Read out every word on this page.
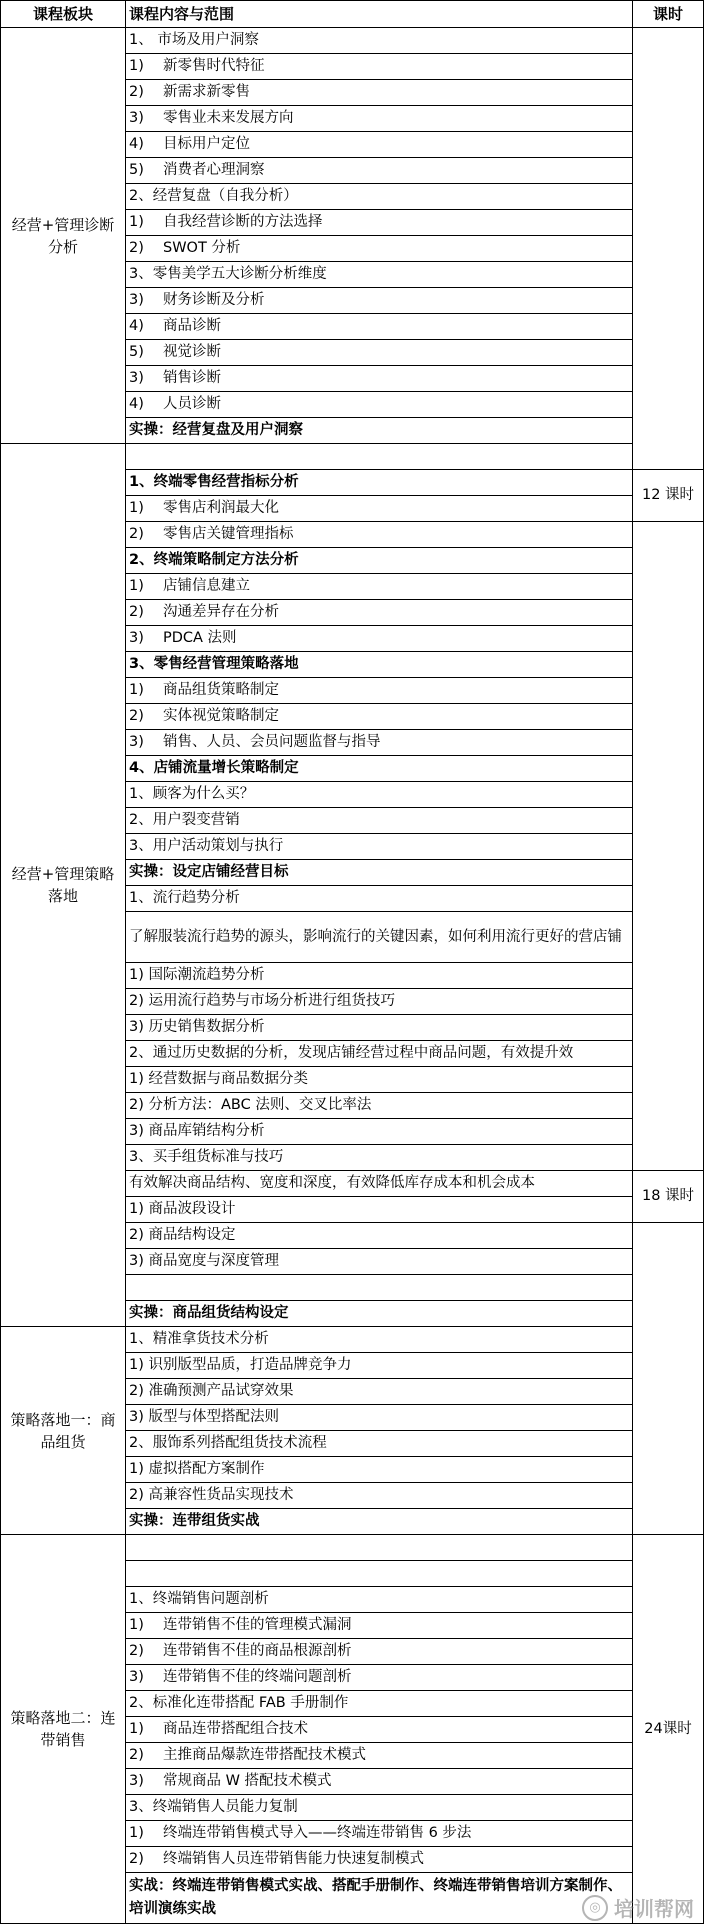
课程板块	课程内容与范围	课时
经营+管理诊断分析	1、 市场及用户洞察	
	1)　 新零售时代特征	
	2)　 新需求新零售	
	3)　 零售业未来发展方向	
	4)　 目标用户定位	
	5)　 消费者心理洞察	
	2、经营复盘（自我分析）	
	1)　 自我经营诊断的方法选择	
	2)　 SWOT 分析	
	3、零售美学五大诊断分析维度	
	3)　 财务诊断及分析	
	4)　 商品诊断	
	5)　 视觉诊断	
	3)　 销售诊断	
	4)　 人员诊断	
	实操：经营复盘及用户洞察	
经营+管理策略落地		
	1、终端零售经营指标分析	12 课时
	1)　 零售店利润最大化	
	2)　 零售店关键管理指标	
	2、终端策略制定方法分析	
	1)　 店铺信息建立	
	2)　 沟通差异存在分析	
	3)　 PDCA 法则	
	3、零售经营管理策略落地	
	1)　 商品组货策略制定	
	2)　 实体视觉策略制定	
	3)　 销售、人员、会员问题监督与指导	
	4、店铺流量增长策略制定	
	1、顾客为什么买？	
	2、用户裂变营销	
	3、用户活动策划与执行	
	实操：设定店铺经营目标	
	1、流行趋势分析	
	了解服装流行趋势的源头，影响流行的关键因素，如何利用流行更好的营店铺	
	1) 国际潮流趋势分析	
	2) 运用流行趋势与市场分析进行组货技巧	
	3) 历史销售数据分析	
	2、通过历史数据的分析，发现店铺经营过程中商品问题，有效提升效	
	1) 经营数据与商品数据分类	
	2) 分析方法：ABC 法则、交叉比率法	
	3) 商品库销结构分析	
	3、买手组货标准与技巧	
	有效解决商品结构、宽度和深度，有效降低库存成本和机会成本	18 课时
	1) 商品波段设计	
	2) 商品结构设定	
	3) 商品宽度与深度管理	

	实操：商品组货结构设定	
策略落地一：商品组货	1、精准拿货技术分析	
	1) 识别版型品质，打造品牌竞争力	
	2) 准确预测产品试穿效果	
	3) 版型与体型搭配法则	
	2、服饰系列搭配组货技术流程	
	1) 虚拟搭配方案制作	
	2) 高兼容性货品实现技术	
	实操：连带组货实战	
策略落地二：连带销售		24课时

	1、终端销售问题剖析	
	1)　 连带销售不佳的管理模式漏洞	
	2)　 连带销售不佳的商品根源剖析	
	3)　 连带销售不佳的终端问题剖析	
	2、标准化连带搭配 FAB 手册制作	
	1)　 商品连带搭配组合技术	
	2)　 主推商品爆款连带搭配技术模式	
	3)　 常规商品 W 搭配技术模式	
	3、终端销售人员能力复制	
	1)　 终端连带销售模式导入——终端连带销售 6 步法	
	2)　 终端销售人员连带销售能力快速复制模式	
	实战：终端连带销售模式实战、搭配手册制作、终端连带销售培训方案制作、培训演练实战		◎ 培训帮网
